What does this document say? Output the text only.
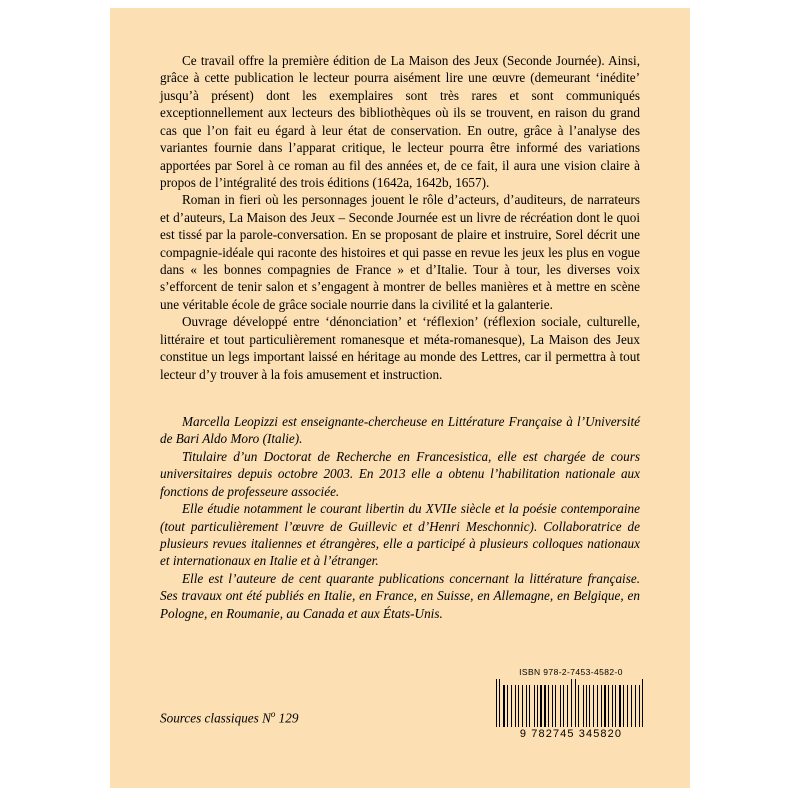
Ce travail offre la première édition de La Maison des Jeux (Seconde Journée). Ainsi, grâce à cette publication le lecteur pourra aisément lire une œuvre (demeurant ‘inédite’ jusqu’à présent) dont les exemplaires sont très rares et sont communiqués exceptionnellement aux lecteurs des bibliothèques où ils se trouvent, en raison du grand cas que l’on fait eu égard à leur état de conservation. En outre, grâce à l’analyse des variantes fournie dans l’apparat critique, le lecteur pourra être informé des variations apportées par Sorel à ce roman au fil des années et, de ce fait, il aura une vision claire à propos de l’intégralité des trois éditions (1642a, 1642b, 1657).

Roman in fieri où les personnages jouent le rôle d’acteurs, d’auditeurs, de narrateurs et d’auteurs, La Maison des Jeux – Seconde Journée est un livre de récréation dont le quoi est tissé par la parole-conversation. En se proposant de plaire et instruire, Sorel décrit une compagnie-idéale qui raconte des histoires et qui passe en revue les jeux les plus en vogue dans « les bonnes compagnies de France » et d’Italie. Tour à tour, les diverses voix s’efforcent de tenir salon et s’engagent à montrer de belles manières et à mettre en scène une véritable école de grâce sociale nourrie dans la civilité et la galanterie.

Ouvrage développé entre ‘dénonciation’ et ‘réflexion’ (réflexion sociale, culturelle, littéraire et tout particulièrement romanesque et méta-romanesque), La Maison des Jeux constitue un legs important laissé en héritage au monde des Lettres, car il permettra à tout lecteur d’y trouver à la fois amusement et instruction.

Marcella Leopizzi est enseignante-chercheuse en Littérature Française à l’Université de Bari Aldo Moro (Italie).

Titulaire d’un Doctorat de Recherche en Francesistica, elle est chargée de cours universitaires depuis octobre 2003. En 2013 elle a obtenu l’habilitation nationale aux fonctions de professeure associée.

Elle étudie notamment le courant libertin du XVIIe siècle et la poésie contemporaine (tout particulièrement l’œuvre de Guillevic et d’Henri Meschonnic). Collaboratrice de plusieurs revues italiennes et étrangères, elle a participé à plusieurs colloques nationaux et internationaux en Italie et à l’étranger.

Elle est l’auteure de cent quarante publications concernant la littérature française. Ses travaux ont été publiés en Italie, en France, en Suisse, en Allemagne, en Belgique, en Pologne, en Roumanie, au Canada et aux États-Unis.

Sources classiques $N^o$ 129
ISBN 978-2-7453-4582-0
9 782745 345820
